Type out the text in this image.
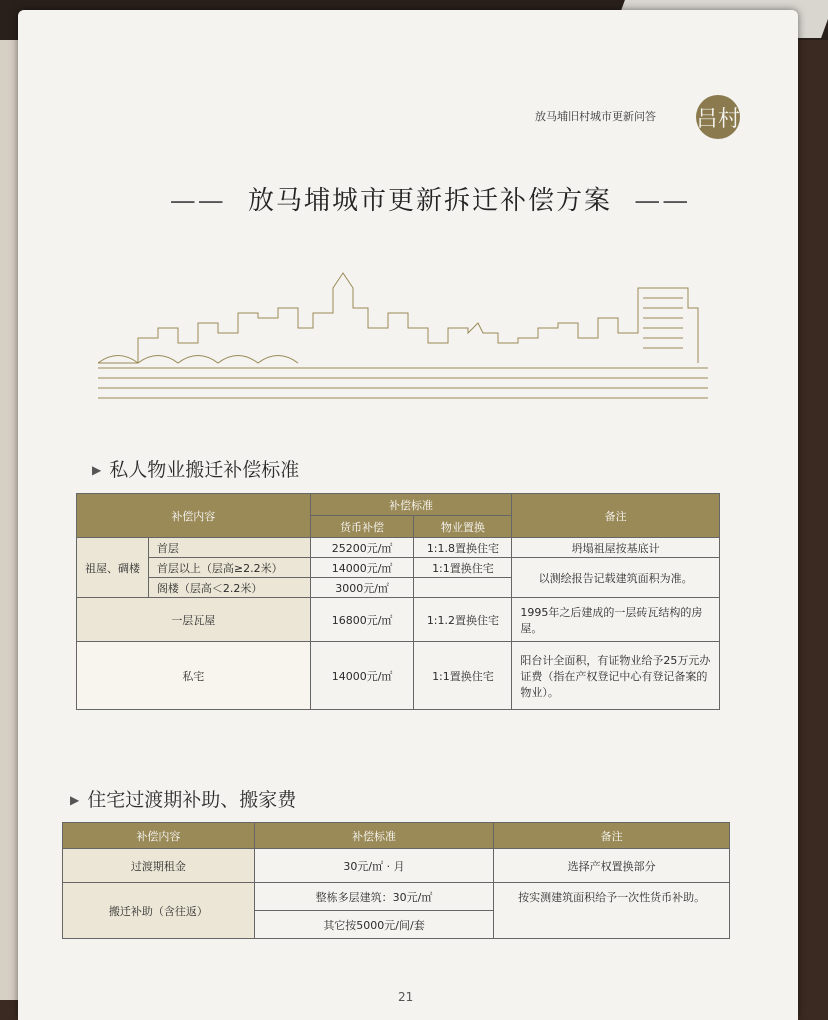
放马埔旧村城市更新问答 吕村
—— 放马埔城市更新拆迁补偿方案 ——
▶ 私人物业搬迁补偿标准
补偿内容		补偿标准		备注
		货币补偿	物业置换	
祖屋、碉楼	首层	25200元/㎡	1:1.8置换住宅	坍塌祖屋按基底计
	首层以上（层高≥2.2米）	14000元/㎡	1:1置换住宅	以测绘报告记载建筑面积为准。
	阁楼（层高＜2.2米）	3000元/㎡		
一层瓦屋		16800元/㎡	1:1.2置换住宅	1995年之后建成的一层砖瓦结构的房屋。
私宅		14000元/㎡	1:1置换住宅	阳台计全面积，有证物业给予25万元办证费（指在产权登记中心有登记备案的物业）。
▶ 住宅过渡期补助、搬家费
补偿内容	补偿标准	备注
过渡期租金	30元/㎡ · 月	选择产权置换部分
搬迁补助（含往返）	整栋多层建筑：30元/㎡	按实测建筑面积给予一次性货币补助。
	其它按5000元/间/套	
21
